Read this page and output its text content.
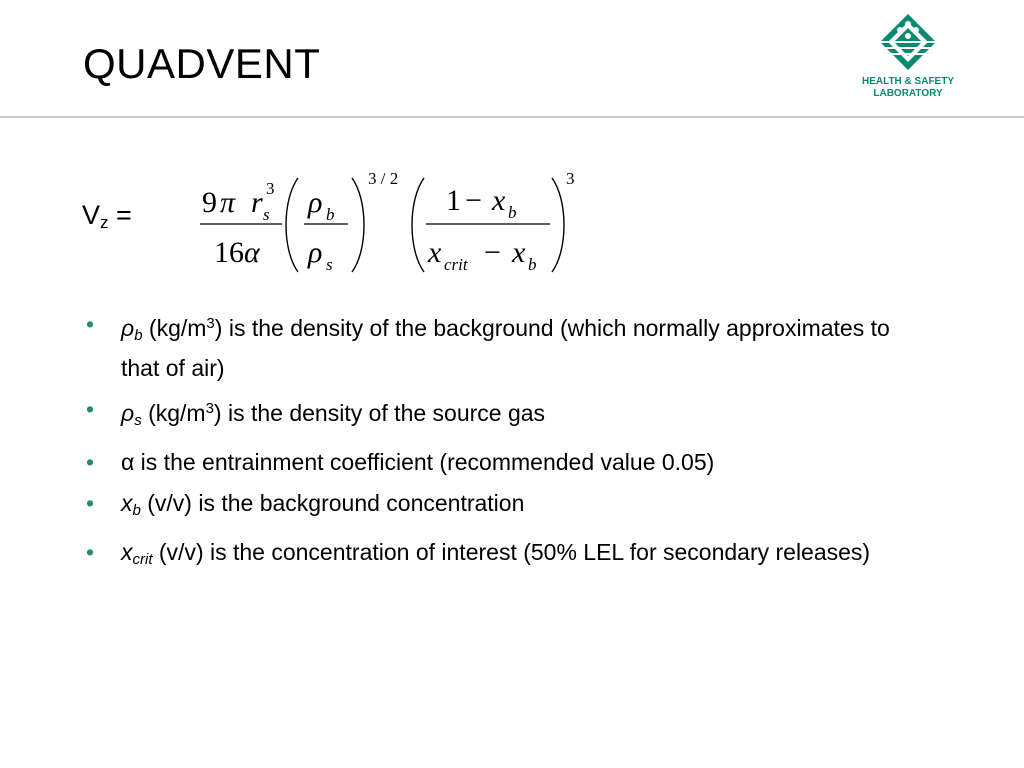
QUADVENT	HEALTH & SAFETY
LABORATORY
$V_z = 9$ π r s
3
16 α
ρ b
ρ s
3 / 2
1 − x b
x crit − x b
3
• $\rho_b$ $(kg/m^3)$ is the density of the background (which normally approximates to that of air)
• $\rho_s$ $(kg/m^3)$ is the density of the source gas
• α is the entrainment coefficient (recommended value 0.05)
• $x_b$ (v/v) is the background concentration
• $x_{crit}$ (v/v) is the concentration of interest (50% LEL for secondary releases)
